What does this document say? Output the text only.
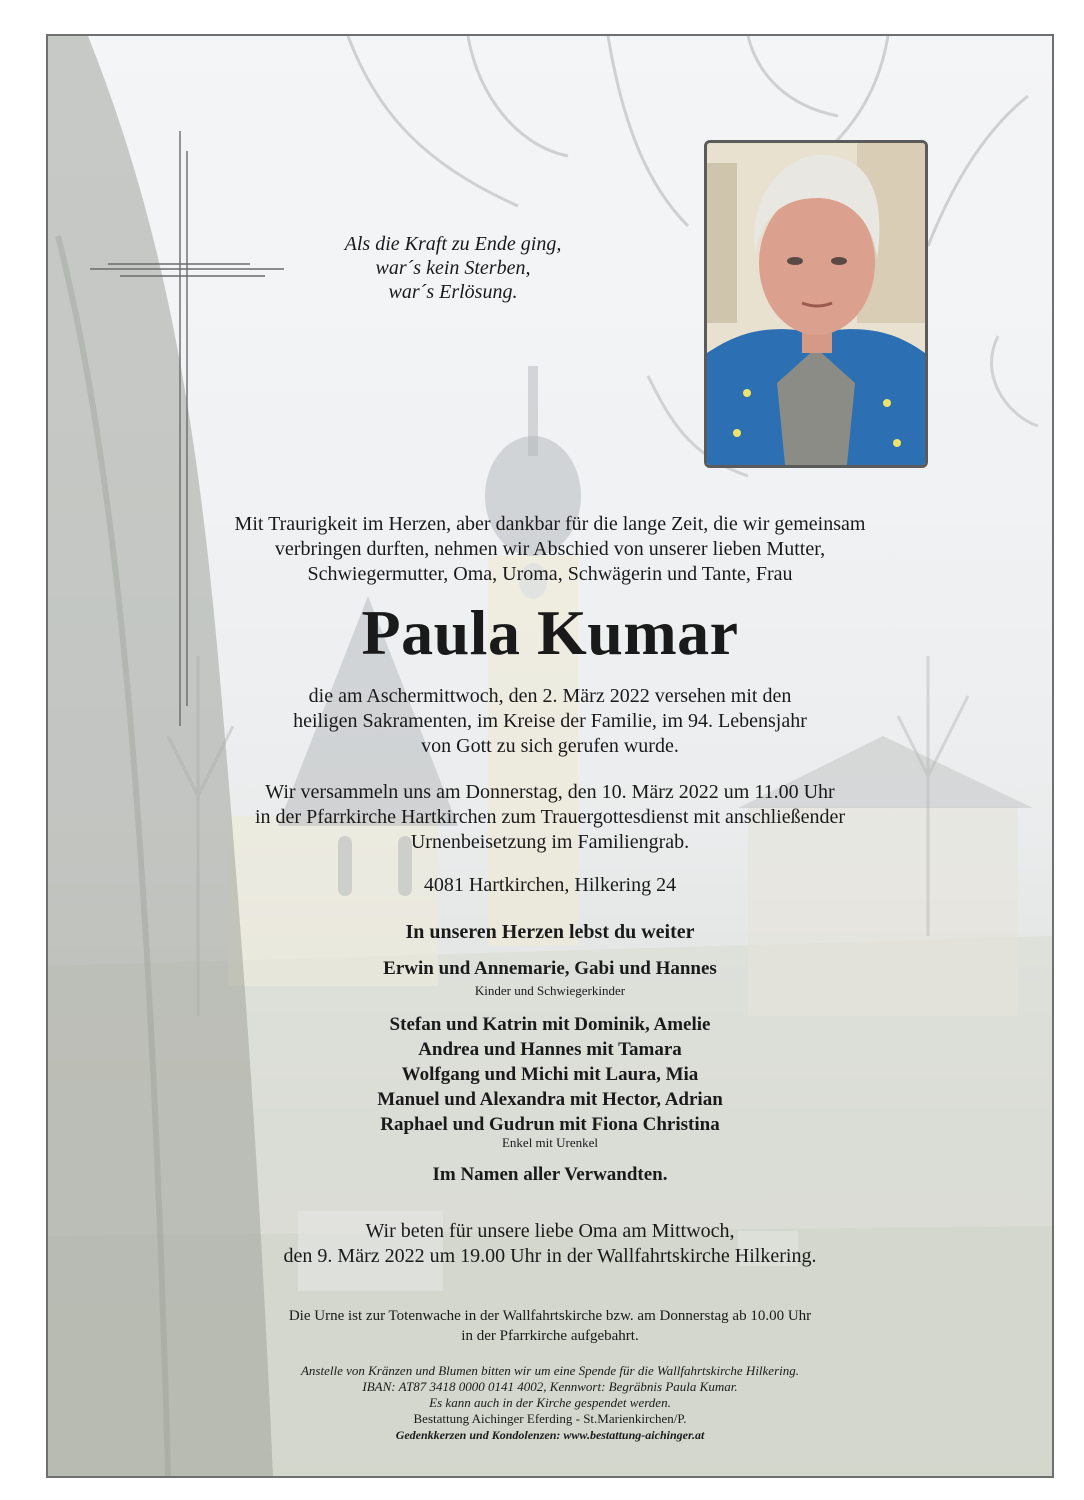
Als die Kraft zu Ende ging,
war´s kein Sterben,
war´s Erlösung.
Mit Traurigkeit im Herzen, aber dankbar für die lange Zeit, die wir gemeinsam
verbringen durften, nehmen wir Abschied von unserer lieben Mutter,
Schwiegermutter, Oma, Uroma, Schwägerin und Tante, Frau
Paula Kumar
die am Aschermittwoch, den 2. März 2022 versehen mit den
heiligen Sakramenten, im Kreise der Familie, im 94. Lebensjahr
von Gott zu sich gerufen wurde.
Wir versammeln uns am Donnerstag, den 10. März 2022 um 11.00 Uhr
in der Pfarrkirche Hartkirchen zum Trauergottesdienst mit anschließender
Urnenbeisetzung im Familiengrab.
4081 Hartkirchen, Hilkering 24
In unseren Herzen lebst du weiter
Erwin und Annemarie, Gabi und Hannes
Kinder und Schwiegerkinder
Stefan und Katrin mit Dominik, Amelie
Andrea und Hannes mit Tamara
Wolfgang und Michi mit Laura, Mia
Manuel und Alexandra mit Hector, Adrian
Raphael und Gudrun mit Fiona Christina
Enkel mit Urenkel
Im Namen aller Verwandten.
Wir beten für unsere liebe Oma am Mittwoch,
den 9. März 2022 um 19.00 Uhr in der Wallfahrtskirche Hilkering.
Die Urne ist zur Totenwache in der Wallfahrtskirche bzw. am Donnerstag ab 10.00 Uhr
in der Pfarrkirche aufgebahrt.
Anstelle von Kränzen und Blumen bitten wir um eine Spende für die Wallfahrtskirche Hilkering.
IBAN: AT87 3418 0000 0141 4002, Kennwort: Begräbnis Paula Kumar.
Es kann auch in der Kirche gespendet werden.
Bestattung Aichinger Eferding - St.Marienkirchen/P.
Gedenkkerzen und Kondolenzen: www.bestattung-aichinger.at
